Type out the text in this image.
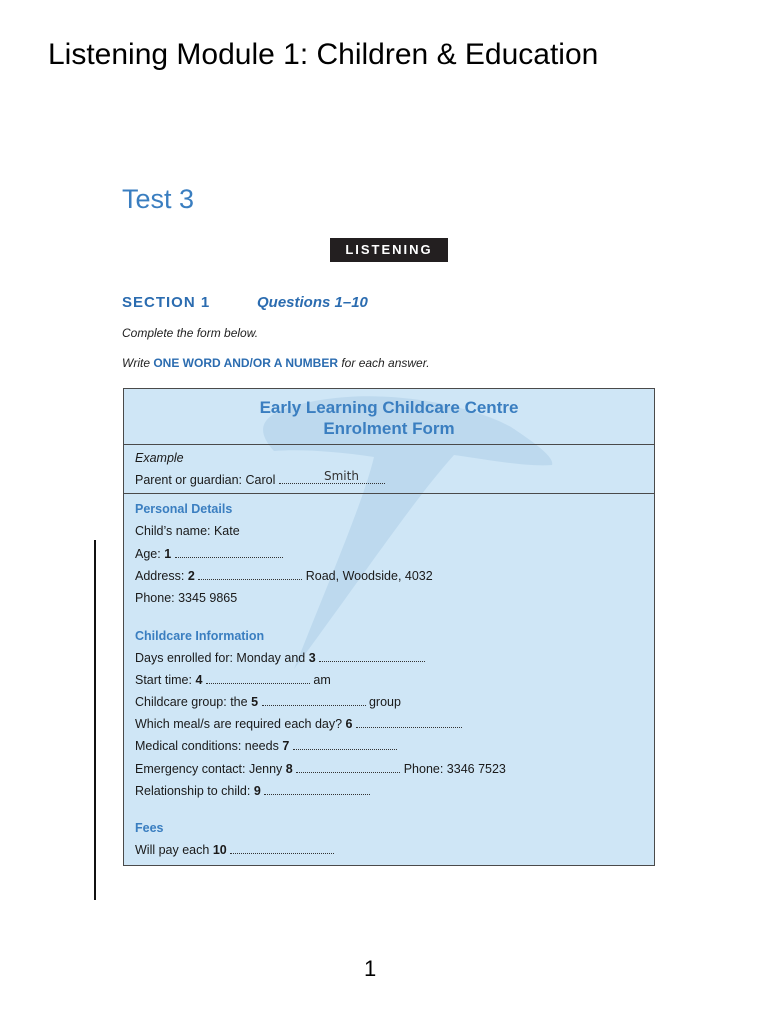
Listening Module 1: Children & Education
Test 3
LISTENING
SECTION 1	Questions 1–10
Complete the form below.
Write ONE WORD AND/OR A NUMBER for each answer.
Early Learning Childcare Centre
Enrolment Form
Example
Parent or guardian: Carol	Smith
Personal Details
Child’s name: Kate
Age: 1
Address: 2	Road, Woodside, 4032
Phone: 3345 9865
Childcare Information
Days enrolled for: Monday and 3
Start time: 4	am
Childcare group: the 5	group
Which meal/s are required each day? 6
Medical conditions: needs 7
Emergency contact: Jenny 8	Phone: 3346 7523
Relationship to child: 9
Fees
Will pay each 10
1
